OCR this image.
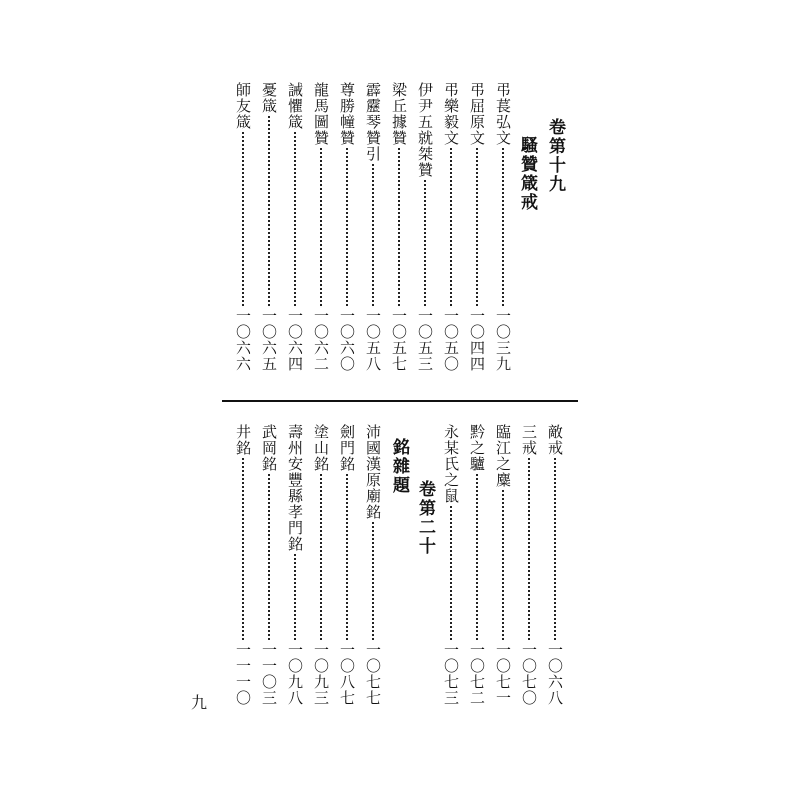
卷第十九
騷贊箴戒
弔萇弘文
一〇三九
弔屈原文
一〇四四
弔樂毅文
一〇五〇
伊尹五就桀贊
一〇五三
梁丘據贊
一〇五七
霹靂琴贊引
一〇五八
尊勝幢贊
一〇六〇
龍馬圖贊
一〇六二
誡懼箴
一〇六四
憂箴
一〇六五
師友箴
一〇六六
敵戒
一〇六八
三戒
一〇七〇
臨江之麋
一〇七一
黔之驢
一〇七二
永某氏之鼠
一〇七三
卷第二十
銘雜題
沛國漢原廟銘
一〇七七
劍門銘
一〇八七
塗山銘
一〇九三
壽州安豐縣孝門銘
一〇九八
武岡銘
一一〇三
井銘
一一一〇
九
